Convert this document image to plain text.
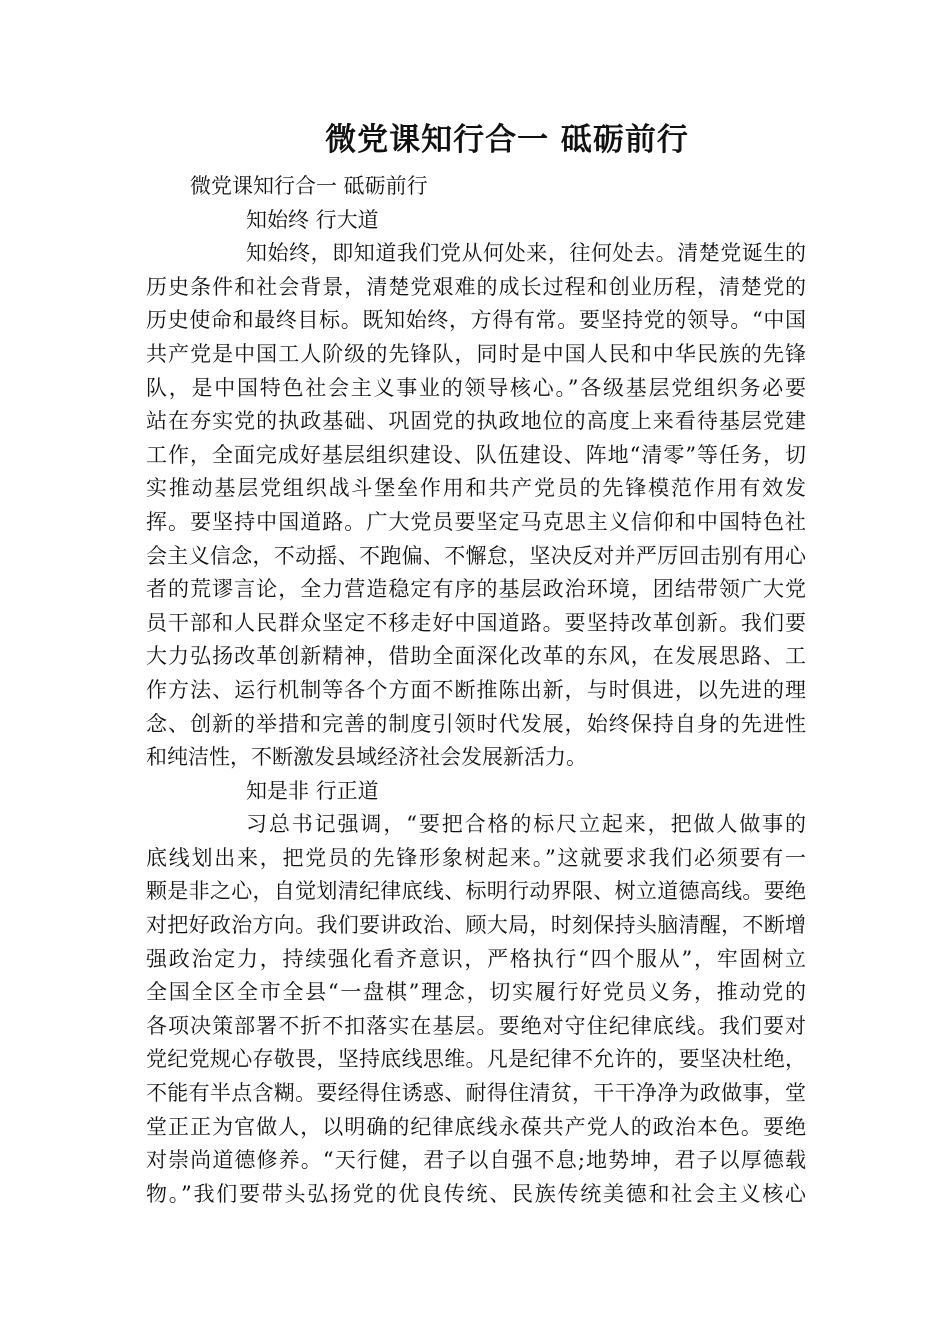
微党课知行合一 砥砺前行
微党课知行合一 砥砺前行
知始终 行大道
知始终，即知道我们党从何处来，往何处去。清楚党诞生的
历史条件和社会背景，清楚党艰难的成长过程和创业历程，清楚党的
历史使命和最终目标。既知始终，方得有常。要坚持党的领导。“中国
共产党是中国工人阶级的先锋队，同时是中国人民和中华民族的先锋
队，是中国特色社会主义事业的领导核心。”各级基层党组织务必要
站在夯实党的执政基础、巩固党的执政地位的高度上来看待基层党建
工作，全面完成好基层组织建设、队伍建设、阵地“清零”等任务，切
实推动基层党组织战斗堡垒作用和共产党员的先锋模范作用有效发
挥。要坚持中国道路。广大党员要坚定马克思主义信仰和中国特色社
会主义信念，不动摇、不跑偏、不懈怠，坚决反对并严厉回击别有用心
者的荒谬言论，全力营造稳定有序的基层政治环境，团结带领广大党
员干部和人民群众坚定不移走好中国道路。要坚持改革创新。我们要
大力弘扬改革创新精神，借助全面深化改革的东风，在发展思路、工
作方法、运行机制等各个方面不断推陈出新，与时俱进，以先进的理
念、创新的举措和完善的制度引领时代发展，始终保持自身的先进性
和纯洁性，不断激发县域经济社会发展新活力。
知是非 行正道
习总书记强调，“要把合格的标尺立起来，把做人做事的
底线划出来，把党员的先锋形象树起来。”这就要求我们必须要有一
颗是非之心，自觉划清纪律底线、标明行动界限、树立道德高线。要绝
对把好政治方向。我们要讲政治、顾大局，时刻保持头脑清醒，不断增
强政治定力，持续强化看齐意识，严格执行“四个服从”，牢固树立
全国全区全市全县“一盘棋”理念，切实履行好党员义务，推动党的
各项决策部署不折不扣落实在基层。要绝对守住纪律底线。我们要对
党纪党规心存敬畏，坚持底线思维。凡是纪律不允许的，要坚决杜绝，
不能有半点含糊。要经得住诱惑、耐得住清贫，干干净净为政做事，堂
堂正正为官做人，以明确的纪律底线永葆共产党人的政治本色。要绝
对崇尚道德修养。“天行健，君子以自强不息;地势坤，君子以厚德载
物。”我们要带头弘扬党的优良传统、民族传统美德和社会主义核心
